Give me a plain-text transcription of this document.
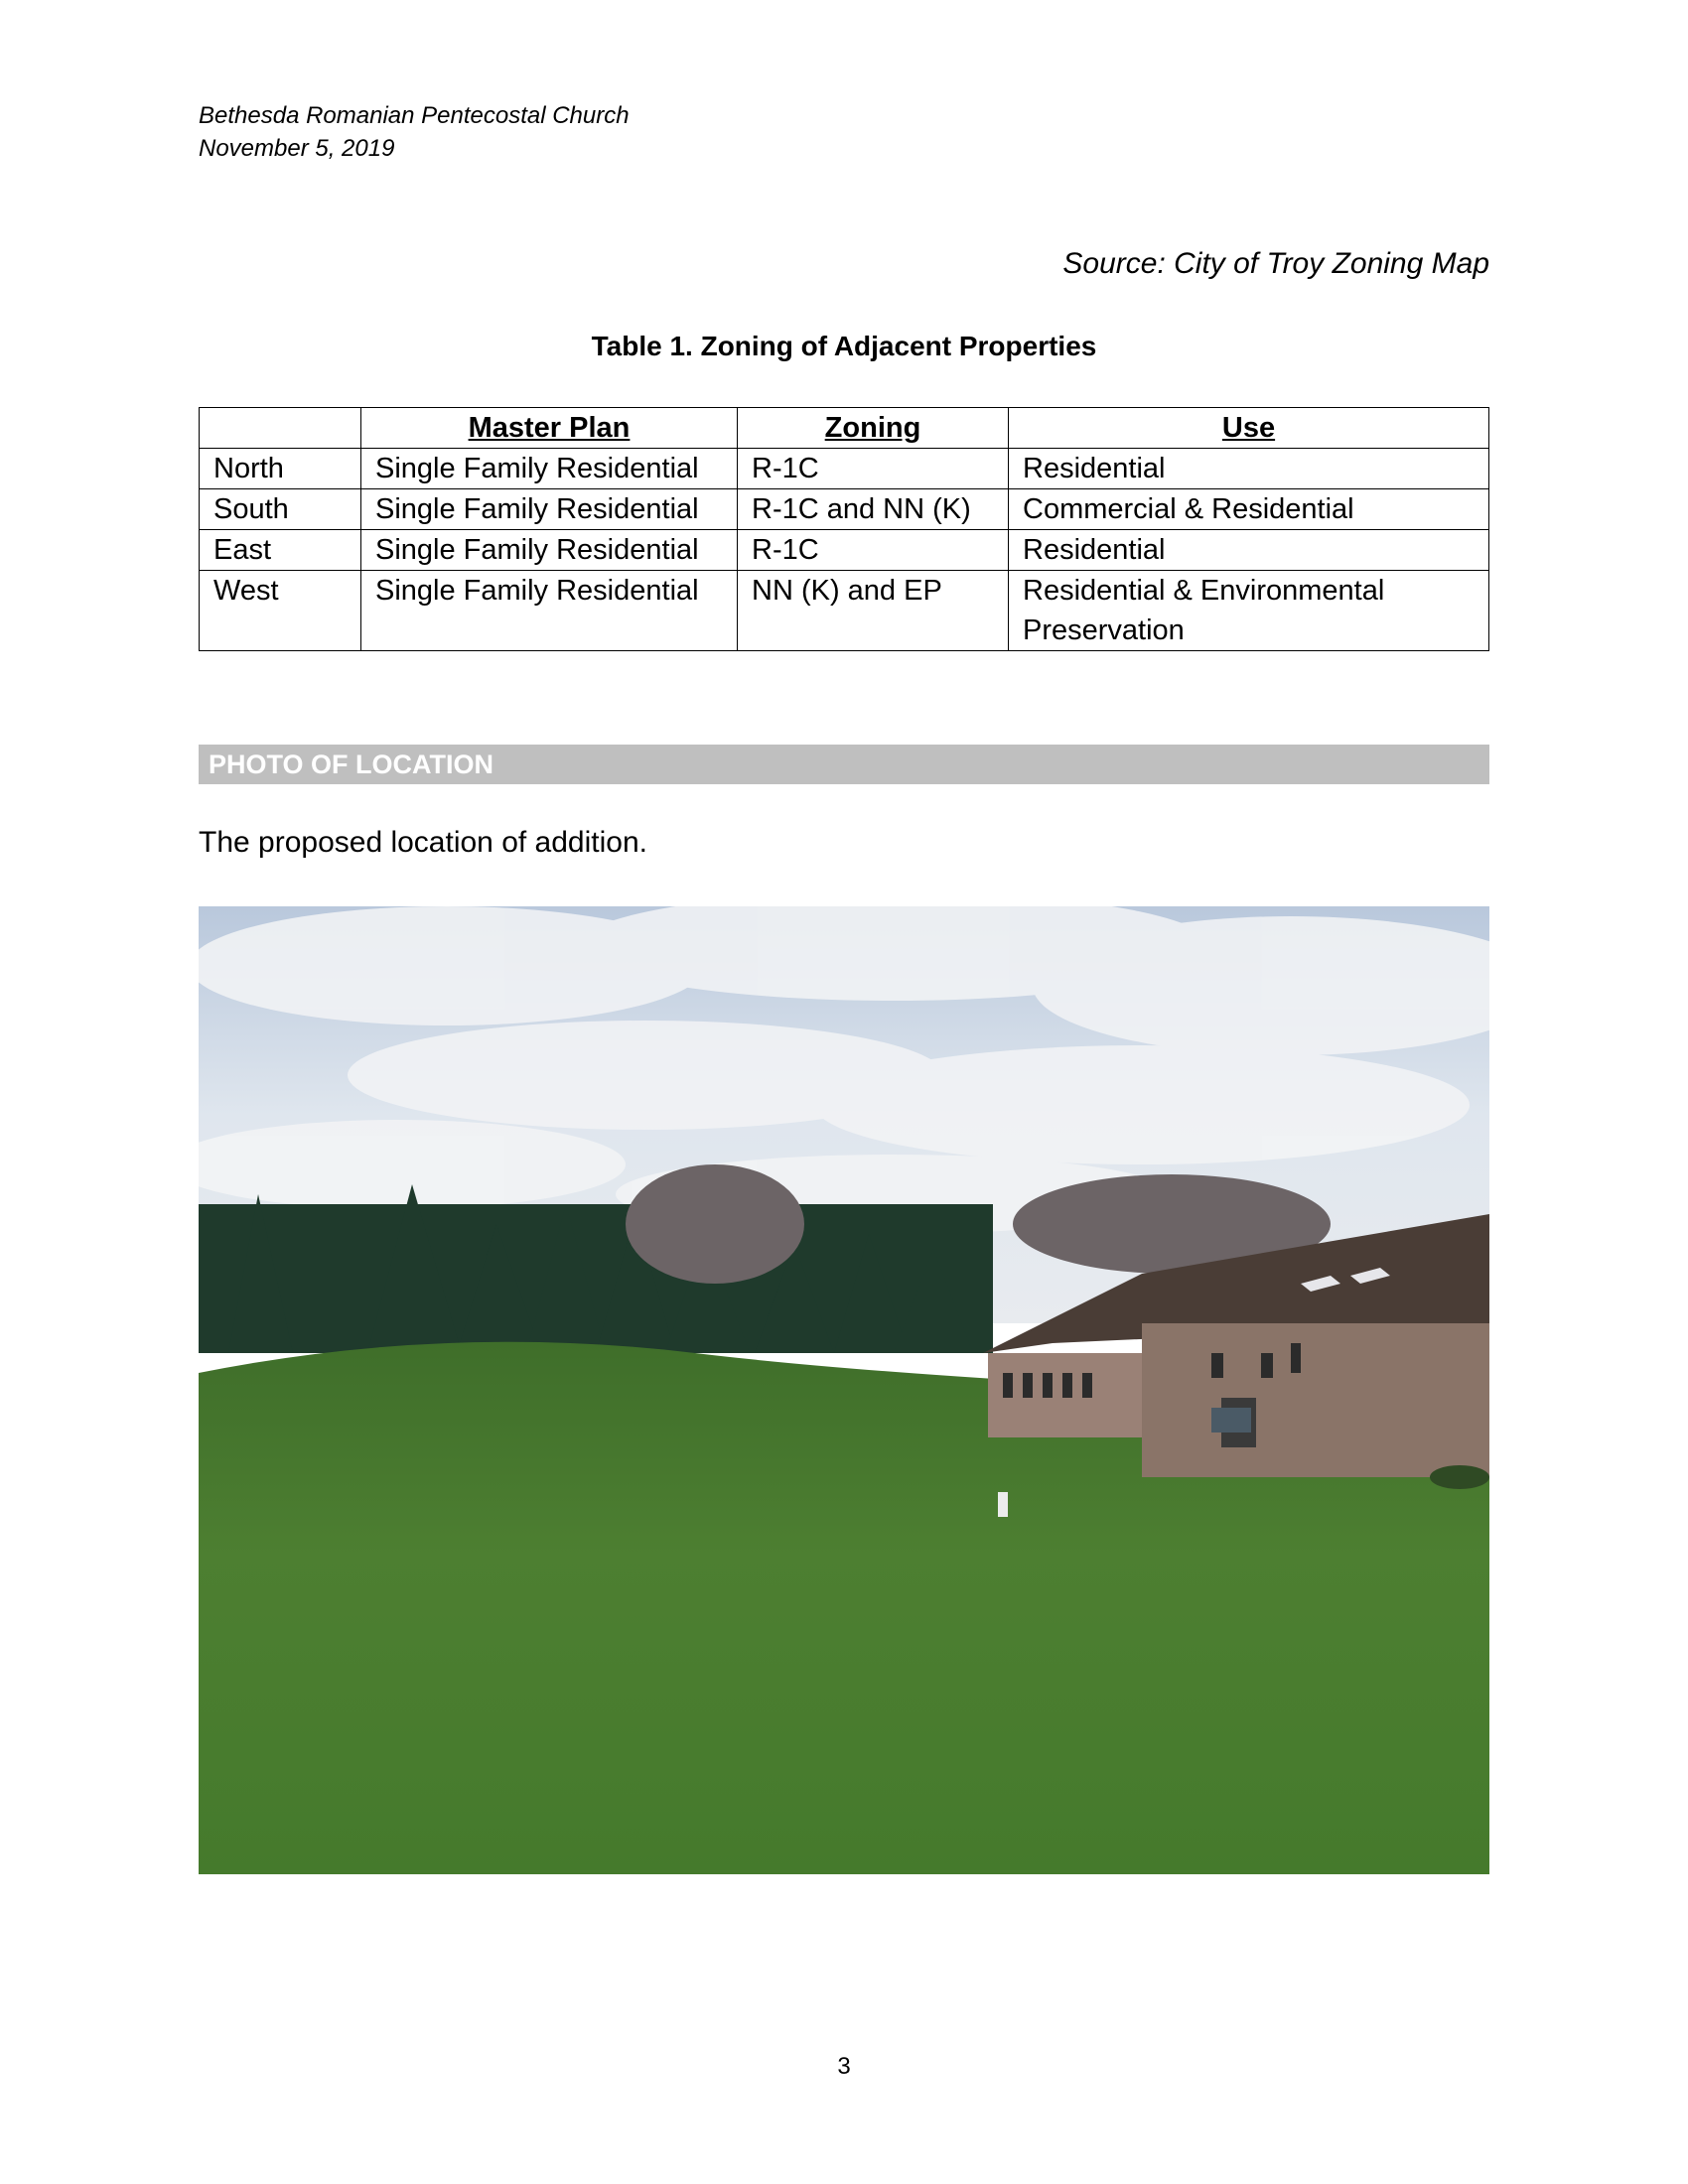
Bethesda Romanian Pentecostal Church
November 5, 2019
Source: City of Troy Zoning Map
Table 1. Zoning of Adjacent Properties
	Master Plan	Zoning	Use
North	Single Family Residential	R-1C	Residential
South	Single Family Residential	R-1C and NN (K)	Commercial & Residential
East	Single Family Residential	R-1C	Residential
West	Single Family Residential	NN (K) and EP	Residential & Environmental Preservation
PHOTO OF LOCATION
The proposed location of addition.
3
